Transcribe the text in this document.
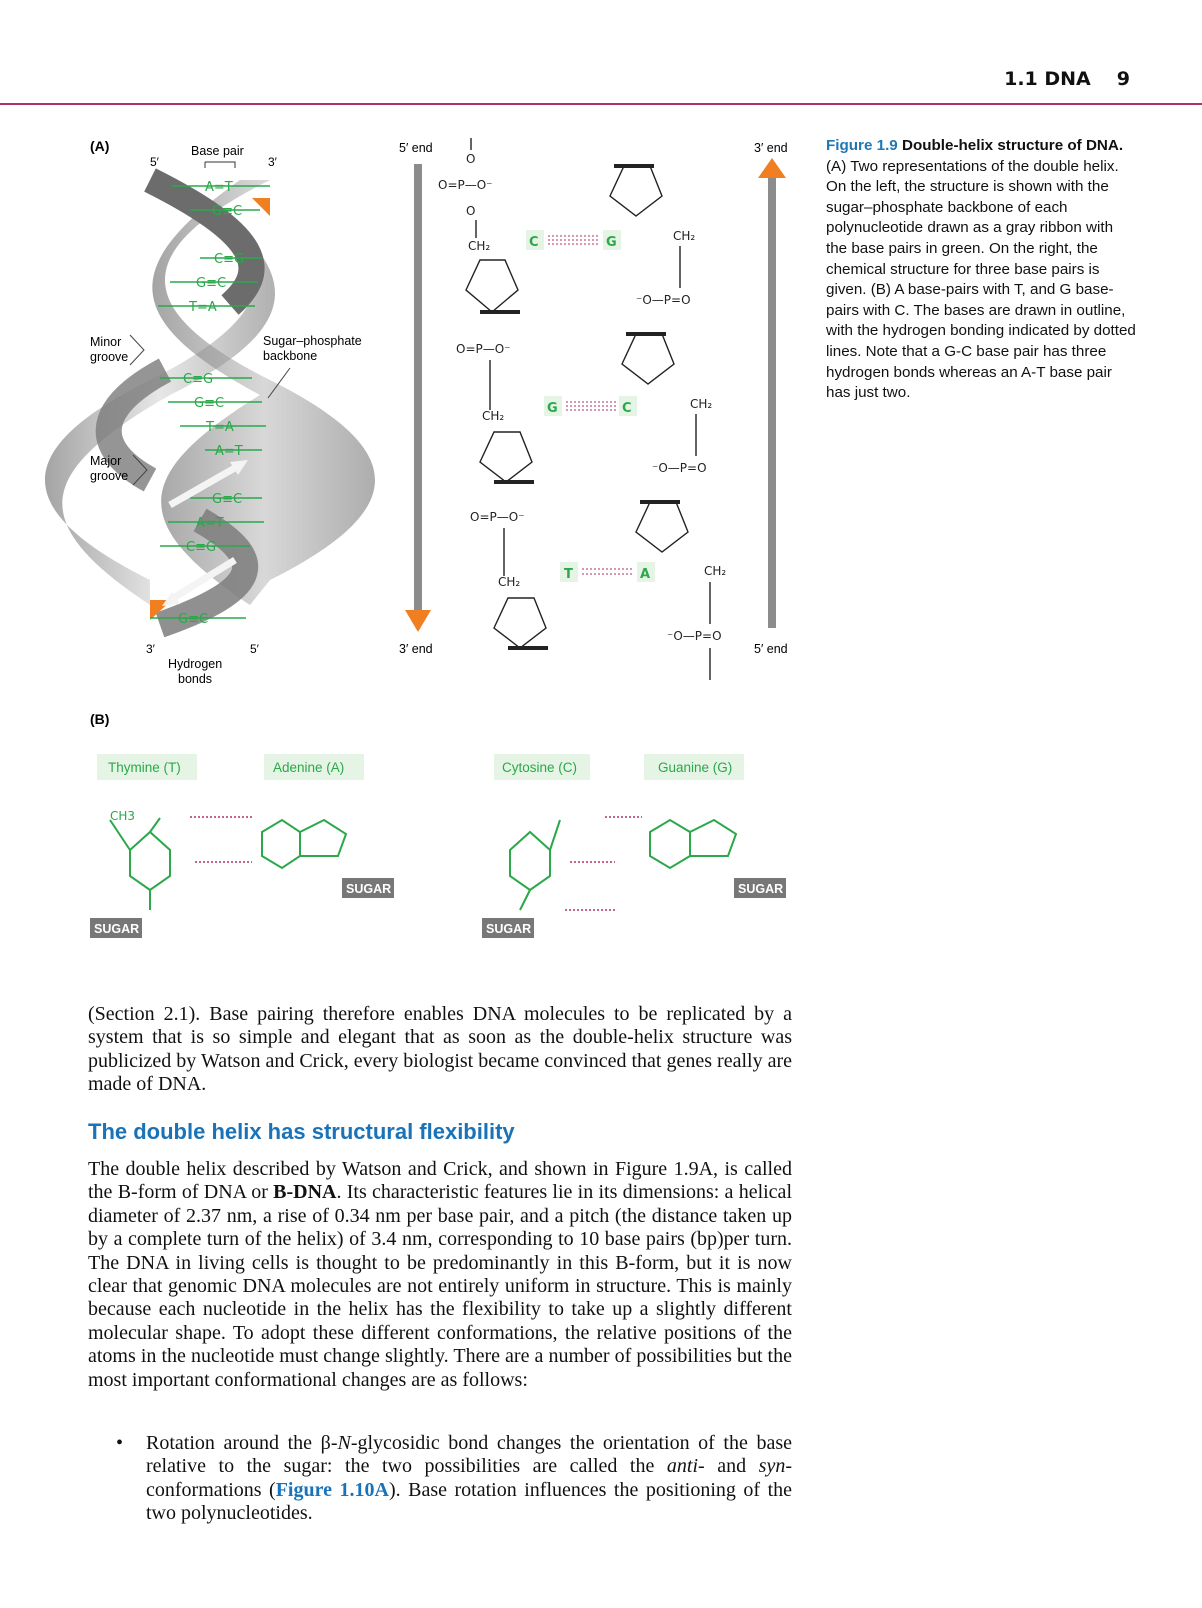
1.1 DNA 9
(A)	Base pair
5′	3′
3′	5′
Hydrogen
bonds
Minor
groove
Major
groove
Sugar–phosphate
backbone
A=T
G≡C
C≡G
G≡C
T=A
C≡G
G≡C
T=A
A=T
G≡C
A=T
C≡G
G≡C
5′ end
3′ end
3′ end
5′ end
O
O=P—O⁻
O
CH₂
O=P—O⁻
CH₂
O=P—O⁻
CH₂
CH₂
⁻O—P=O
CH₂
⁻O—P=O
CH₂
⁻O—P=O
C	G
G	C
T	A
(B)
Thymine (T)	Adenine (A)	Cytosine (C)	Guanine (G)
CH3
SUGAR
SUGAR
SUGAR
SUGAR
Figure 1.9 Double-helix structure of DNA. (A) Two representations of the double helix. On the left, the structure is shown with the sugar–phosphate backbone of each polynucleotide drawn as a gray ribbon with the base pairs in green. On the right, the chemical structure for three base pairs is given. (B) A base-pairs with T, and G base-pairs with C. The bases are drawn in outline, with the hydrogen bonding indicated by dotted lines. Note that a G-C base pair has three hydrogen bonds whereas an A-T base pair has just two.
(Section 2.1). Base pairing therefore enables DNA molecules to be replicated by a system that is so simple and elegant that as soon as the double-helix structure was publicized by Watson and Crick, every biologist became convinced that genes really are made of DNA.
The double helix has structural flexibility
The double helix described by Watson and Crick, and shown in Figure 1.9A, is called the B-form of DNA or B-DNA. Its characteristic features lie in its dimensions: a helical diameter of 2.37 nm, a rise of 0.34 nm per base pair, and a pitch (the distance taken up by a complete turn of the helix) of 3.4 nm, corresponding to 10 base pairs (bp)per turn. The DNA in living cells is thought to be predominantly in this B-form, but it is now clear that genomic DNA molecules are not entirely uniform in structure. This is mainly because each nucleotide in the helix has the flexibility to take up a slightly different molecular shape. To adopt these different conformations, the relative positions of the atoms in the nucleotide must change slightly. There are a number of possibilities but the most important conformational changes are as follows:
• Rotation around the β-N-glycosidic bond changes the orientation of the base relative to the sugar: the two possibilities are called the anti- and syn- conformations (Figure 1.10A). Base rotation influences the positioning of the two polynucleotides.
